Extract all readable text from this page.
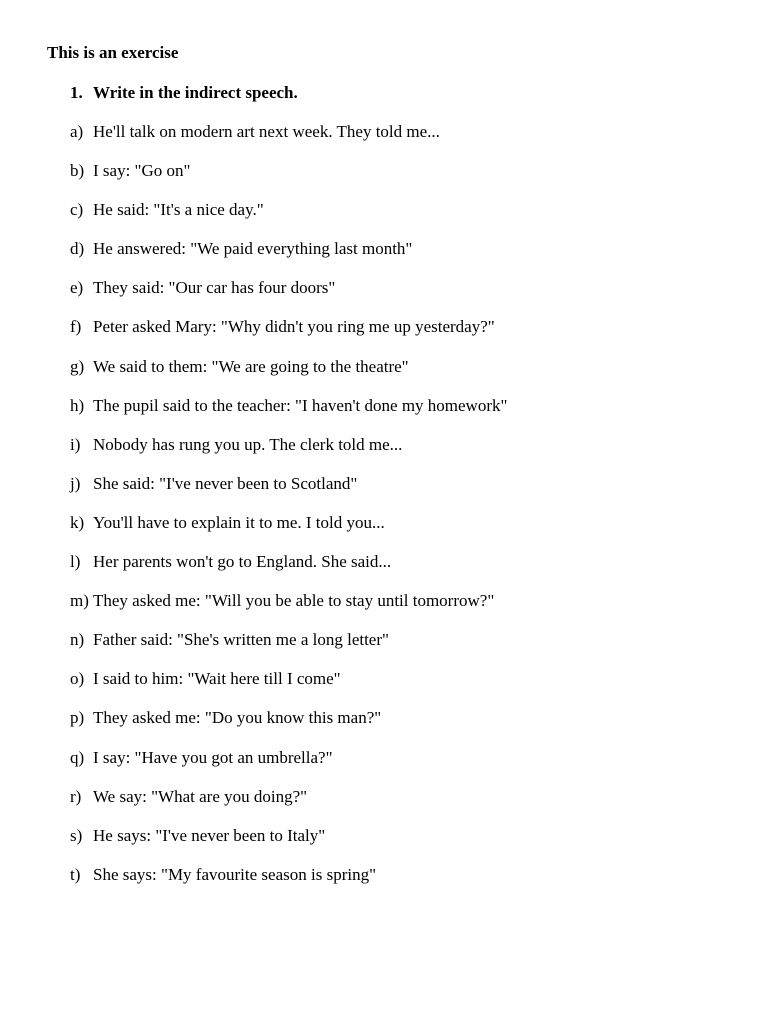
This is an exercise
1. Write in the indirect speech.
a) He'll talk on modern art next week. They told me...
b) I say: "Go on"
c) He said: "It's a nice day."
d) He answered: "We paid everything last month"
e) They said: "Our car has four doors"
f) Peter asked Mary: "Why didn't you ring me up yesterday?"
g) We said to them: "We are going to the theatre"
h) The pupil said to the teacher: "I haven't done my homework"
i) Nobody has rung you up. The clerk told me...
j) She said: "I've never been to Scotland"
k) You'll have to explain it to me. I told you...
l) Her parents won't go to England. She said...
m) They asked me: "Will you be able to stay until tomorrow?"
n) Father said: "She's written me a long letter"
o) I said to him: "Wait here till I come"
p) They asked me: "Do you know this man?"
q) I say: "Have you got an umbrella?"
r) We say: "What are you doing?"
s) He says: "I've never been to Italy"
t) She says: "My favourite season is spring"
